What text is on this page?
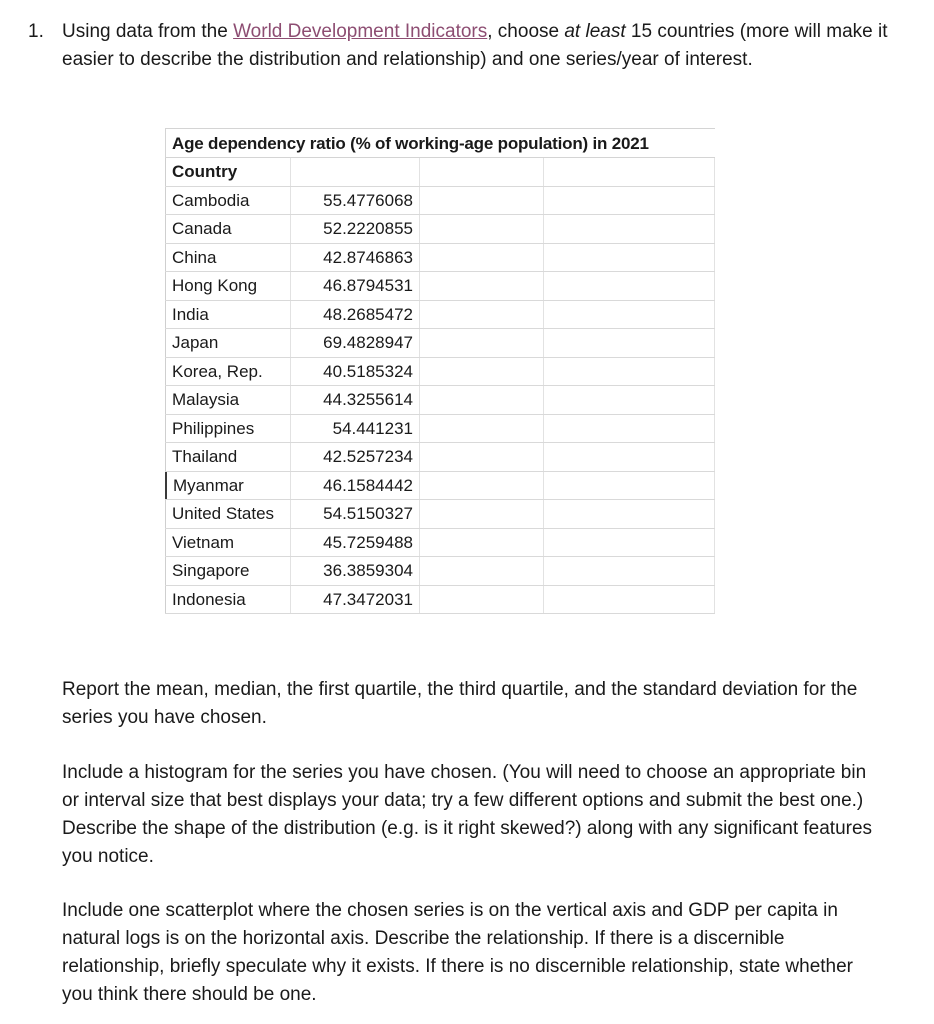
1. Using data from the World Development Indicators, choose at least 15 countries (more will make it easier to describe the distribution and relationship) and one series/year of interest.
Age dependency ratio (% of working-age population) in 2021
Country
Cambodia	55.4776068
Canada	52.2220855
China	42.8746863
Hong Kong	46.8794531
India	48.2685472
Japan	69.4828947
Korea, Rep.	40.5185324
Malaysia	44.3255614
Philippines	54.441231
Thailand	42.5257234
Myanmar	46.1584442
United States	54.5150327
Vietnam	45.7259488
Singapore	36.3859304
Indonesia	47.3472031

Report the mean, median, the first quartile, the third quartile, and the standard deviation for the series you have chosen.

Include a histogram for the series you have chosen. (You will need to choose an appropriate bin or interval size that best displays your data; try a few different options and submit the best one.) Describe the shape of the distribution (e.g. is it right skewed?) along with any significant features you notice.

Include one scatterplot where the chosen series is on the vertical axis and GDP per capita in natural logs is on the horizontal axis. Describe the relationship. If there is a discernible relationship, briefly speculate why it exists. If there is no discernible relationship, state whether you think there should be one.
